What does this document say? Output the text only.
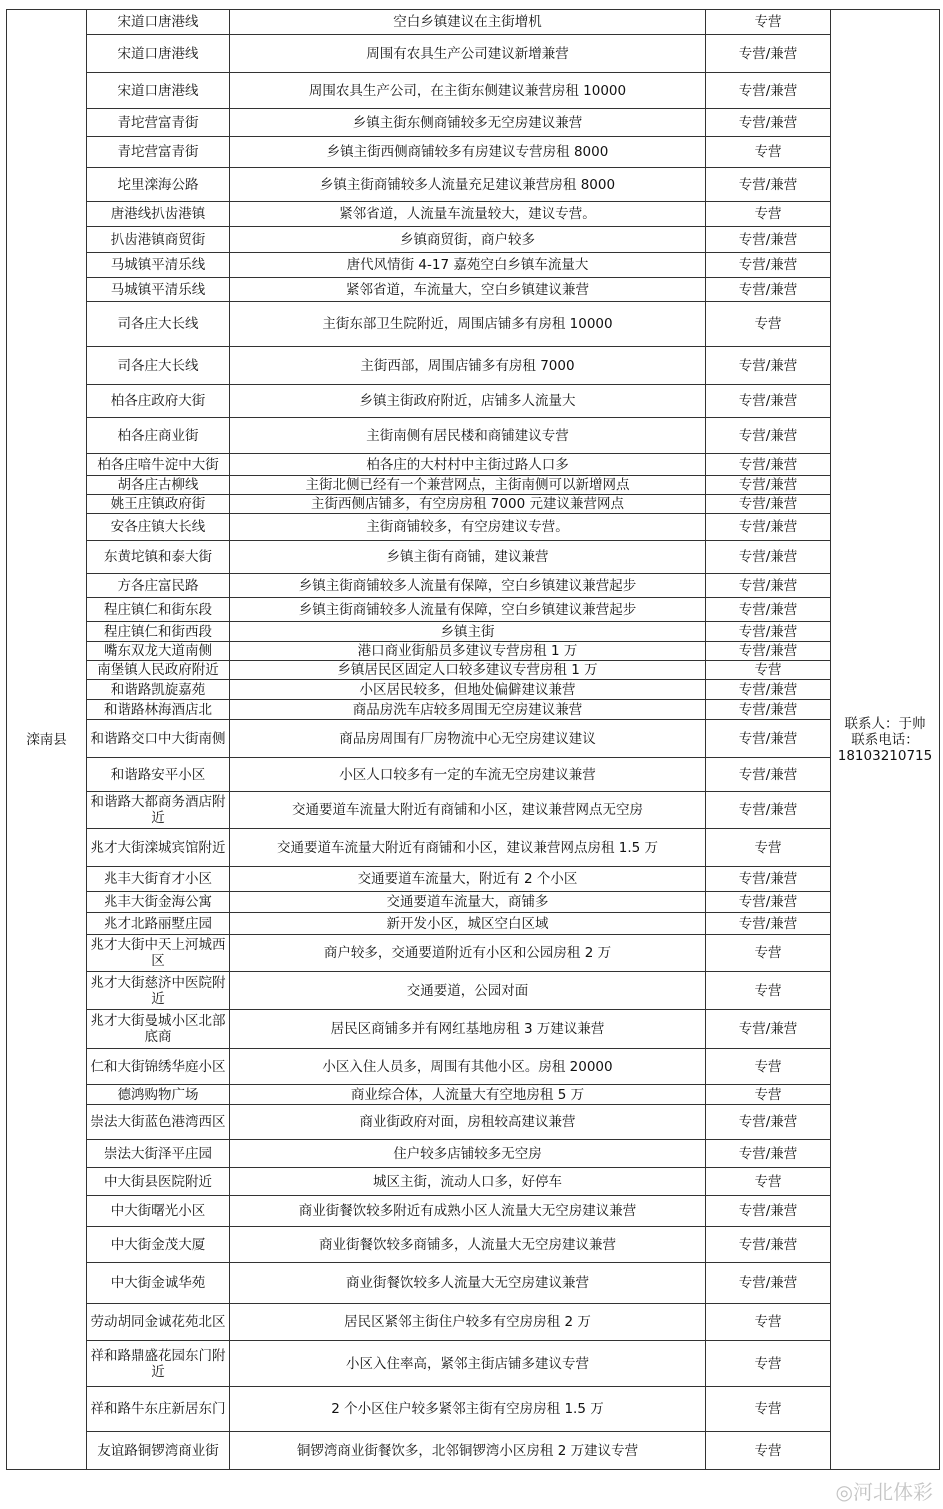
滦南县	宋道口唐港线	空白乡镇建议在主街增机	专营	联系人：于帅
联系电话：
18103210715

	宋道口唐港线	周围有农具生产公司建议新增兼营	专营/兼营	
	宋道口唐港线	周围农具生产公司，在主街东侧建议兼营房租 10000	专营/兼营	
	青坨营富青街	乡镇主街东侧商铺较多无空房建议兼营	专营/兼营	
	青坨营富青街	乡镇主街西侧商铺较多有房建议专营房租 8000	专营	
	坨里滦海公路	乡镇主街商铺较多人流量充足建议兼营房租 8000	专营/兼营	
	唐港线扒齿港镇	紧邻省道，人流量车流量较大，建议专营。	专营	
	扒齿港镇商贸街	乡镇商贸街，商户较多	专营/兼营	
	马城镇平清乐线	唐代风情街 4-17 嘉苑空白乡镇车流量大	专营/兼营	
	马城镇平清乐线	紧邻省道，车流量大，空白乡镇建议兼营	专营/兼营	
	司各庄大长线	主街东部卫生院附近，周围店铺多有房租 10000	专营	
	司各庄大长线	主街西部，周围店铺多有房租 7000	专营/兼营	
	柏各庄政府大街	乡镇主街政府附近，店铺多人流量大	专营/兼营	
	柏各庄商业街	主街南侧有居民楼和商铺建议专营	专营/兼营	
	柏各庄喑牛淀中大街	柏各庄的大村村中主街过路人口多	专营/兼营	
	胡各庄古柳线	主街北侧已经有一个兼营网点，主街南侧可以新增网点	专营/兼营	
	姚王庄镇政府街	主街西侧店铺多，有空房房租 7000 元建议兼营网点	专营/兼营	
	安各庄镇大长线	主街商铺较多，有空房建议专营。	专营/兼营	
	东黄坨镇和泰大街	乡镇主街有商铺，建议兼营	专营/兼营	
	方各庄富民路	乡镇主街商铺较多人流量有保障，空白乡镇建议兼营起步	专营/兼营	
	程庄镇仁和街东段	乡镇主街商铺较多人流量有保障，空白乡镇建议兼营起步	专营/兼营	
	程庄镇仁和街西段	乡镇主街	专营/兼营	
	嘴东双龙大道南侧	港口商业街船员多建议专营房租 1 万	专营/兼营	
	南堡镇人民政府附近	乡镇居民区固定人口较多建议专营房租 1 万	专营	
	和谐路凯旋嘉苑	小区居民较多，但地处偏僻建议兼营	专营/兼营	
	和谐路林海酒店北	商品房洗车店较多周围无空房建议兼营	专营/兼营	
	和谐路交口中大街南侧	商品房周围有厂房物流中心无空房建议建议	专营/兼营	
	和谐路安平小区	小区人口较多有一定的车流无空房建议兼营	专营/兼营	
	和谐路大都商务酒店附近	交通要道车流量大附近有商铺和小区，建议兼营网点无空房	专营/兼营	
	兆才大街滦城宾馆附近	交通要道车流量大附近有商铺和小区，建议兼营网点房租 1.5 万	专营	
	兆丰大街育才小区	交通要道车流量大，附近有 2 个小区	专营/兼营	
	兆丰大街金海公寓	交通要道车流量大，商铺多	专营/兼营	
	兆才北路丽墅庄园	新开发小区，城区空白区域	专营/兼营	
	兆才大街中天上河城西区	商户较多，交通要道附近有小区和公园房租 2 万	专营	
	兆才大街慈济中医院附近	交通要道，公园对面	专营	
	兆才大街曼城小区北部底商	居民区商铺多并有网红基地房租 3 万建议兼营	专营/兼营	
	仁和大街锦绣华庭小区	小区入住人员多，周围有其他小区。房租 20000	专营	
	德鸿购物广场	商业综合体，人流量大有空地房租 5 万	专营	
	崇法大街蓝色港湾西区	商业街政府对面，房租较高建议兼营	专营/兼营	
	崇法大街泽平庄园	住户较多店铺较多无空房	专营/兼营	
	中大街县医院附近	城区主街，流动人口多，好停车	专营	
	中大街曙光小区	商业街餐饮较多附近有成熟小区人流量大无空房建议兼营	专营/兼营	
	中大街金茂大厦	商业街餐饮较多商铺多，人流量大无空房建议兼营	专营/兼营	
	中大街金诚华苑	商业街餐饮较多人流量大无空房建议兼营	专营/兼营	
	劳动胡同金诚花苑北区	居民区紧邻主街住户较多有空房房租 2 万	专营	
	祥和路鼎盛花园东门附近	小区入住率高，紧邻主街店铺多建议专营	专营	
	祥和路牛东庄新居东门	2 个小区住户较多紧邻主街有空房房租 1.5 万	专营	
	友谊路铜锣湾商业街	铜锣湾商业街餐饮多，北邻铜锣湾小区房租 2 万建议专营	专营	
◎河北体彩
